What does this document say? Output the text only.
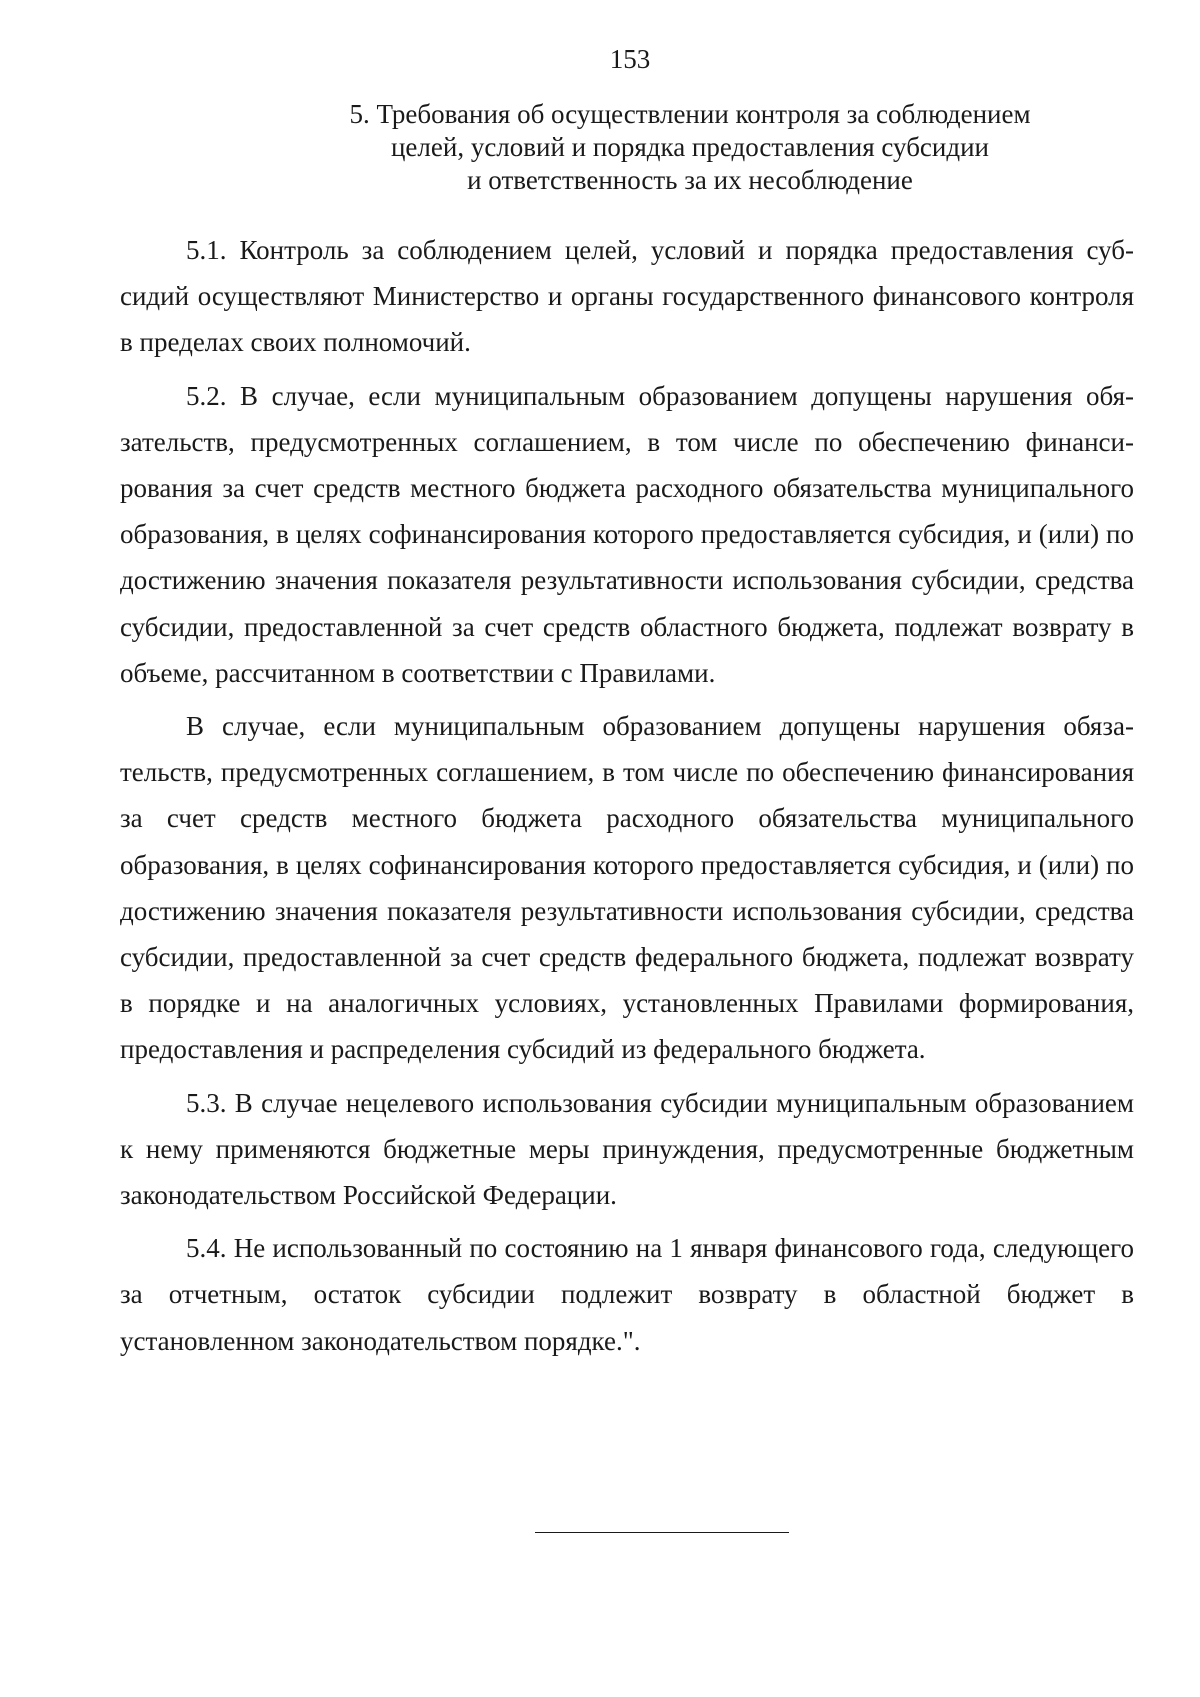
153
5. Требования об осуществлении контроля за соблюдением
целей, условий и порядка предоставления субсидии
и ответственность за их несоблюдение

5.1. Контроль за соблюдением целей, условий и порядка предоставления субсидий осуществляют Министерство и органы государственного финансового контроля в пределах своих полномочий.

5.2. В случае, если муниципальным образованием допущены нарушения обязательств, предусмотренных соглашением, в том числе по обеспечению финансирования за счет средств местного бюджета расходного обязательства муниципального образования, в целях софинансирования которого предоставляется субсидия, и (или) по достижению значения показателя результативности использования субсидии, средства субсидии, предоставленной за счет средств областного бюджета, подлежат возврату в объеме, рассчитанном в соответствии с Правилами.

В случае, если муниципальным образованием допущены нарушения обязательств, предусмотренных соглашением, в том числе по обеспечению финансирования за счет средств местного бюджета расходного обязательства муниципального образования, в целях софинансирования которого предоставляется субсидия, и (или) по достижению значения показателя результативности использования субсидии, средства субсидии, предоставленной за счет средств федерального бюджета, подлежат возврату в порядке и на аналогичных условиях, установленных Правилами формирования, предоставления и распределения субсидий из федерального бюджета.

5.3. В случае нецелевого использования субсидии муниципальным образованием к нему применяются бюджетные меры принуждения, предусмотренные бюджетным законодательством Российской Федерации.

5.4. Не использованный по состоянию на 1 января финансового года, следующего за отчетным, остаток субсидии подлежит возврату в областной бюджет в установленном законодательством порядке.".
